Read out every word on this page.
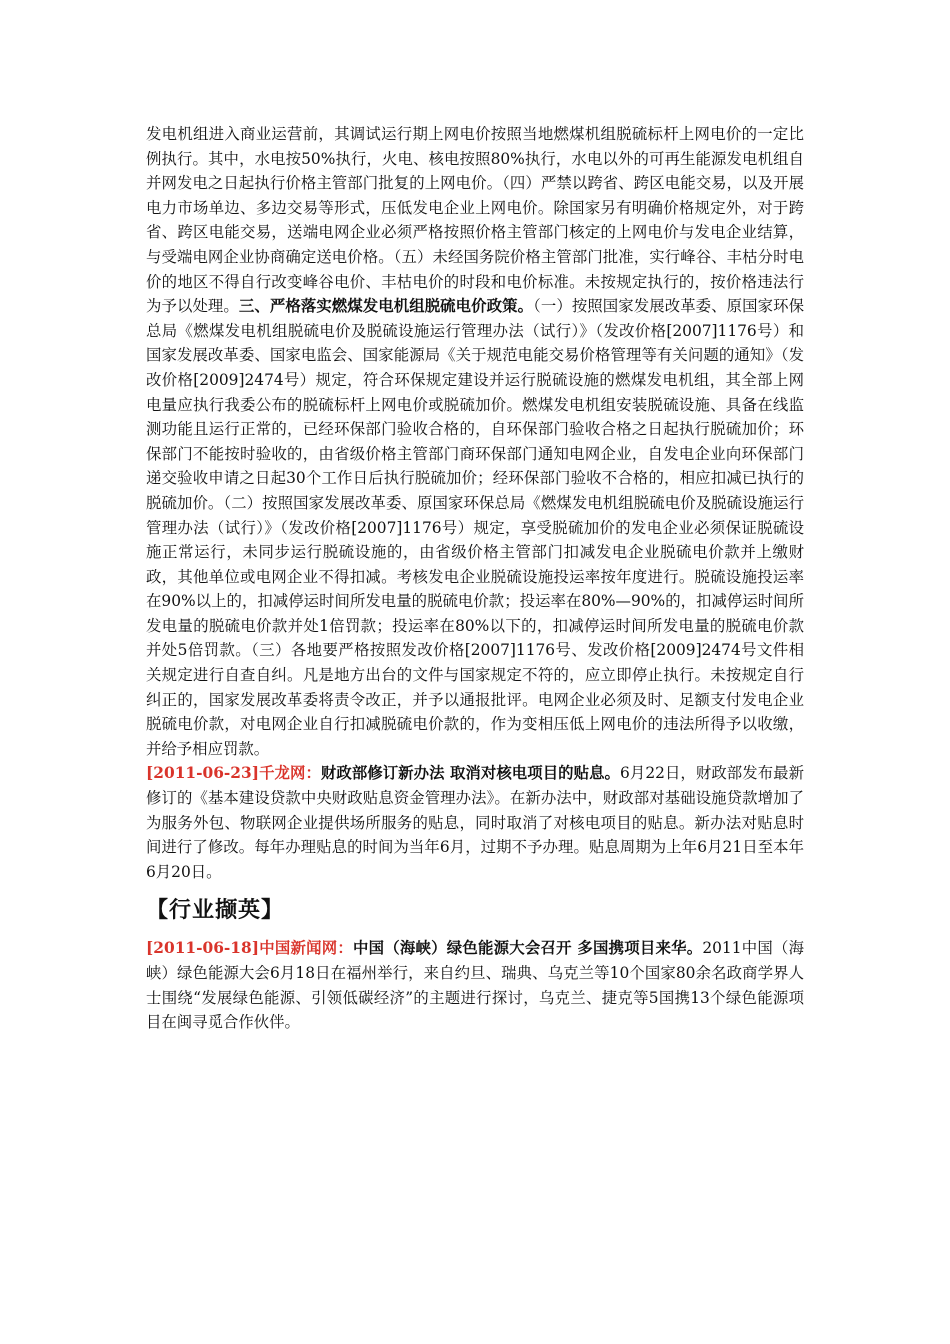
发电机组进入商业运营前，其调试运行期上网电价按照当地燃煤机组脱硫标杆上网电价的一定比例执行。其中，水电按50%执行，火电、核电按照80%执行，水电以外的可再生能源发电机组自并网发电之日起执行价格主管部门批复的上网电价。（四）严禁以跨省、跨区电能交易，以及开展电力市场单边、多边交易等形式，压低发电企业上网电价。除国家另有明确价格规定外，对于跨省、跨区电能交易，送端电网企业必须严格按照价格主管部门核定的上网电价与发电企业结算，与受端电网企业协商确定送电价格。（五）未经国务院价格主管部门批准，实行峰谷、丰枯分时电价的地区不得自行改变峰谷电价、丰枯电价的时段和电价标准。未按规定执行的，按价格违法行为予以处理。三、严格落实燃煤发电机组脱硫电价政策。（一）按照国家发展改革委、原国家环保总局《燃煤发电机组脱硫电价及脱硫设施运行管理办法（试行）》（发改价格[2007]1176号）和国家发展改革委、国家电监会、国家能源局《关于规范电能交易价格管理等有关问题的通知》（发改价格[2009]2474号）规定，符合环保规定建设并运行脱硫设施的燃煤发电机组，其全部上网电量应执行我委公布的脱硫标杆上网电价或脱硫加价。燃煤发电机组安装脱硫设施、具备在线监测功能且运行正常的，已经环保部门验收合格的，自环保部门验收合格之日起执行脱硫加价；环保部门不能按时验收的，由省级价格主管部门商环保部门通知电网企业，自发电企业向环保部门递交验收申请之日起30个工作日后执行脱硫加价；经环保部门验收不合格的，相应扣减已执行的脱硫加价。（二）按照国家发展改革委、原国家环保总局《燃煤发电机组脱硫电价及脱硫设施运行管理办法（试行）》（发改价格[2007]1176号）规定，享受脱硫加价的发电企业必须保证脱硫设施正常运行，未同步运行脱硫设施的，由省级价格主管部门扣减发电企业脱硫电价款并上缴财政，其他单位或电网企业不得扣减。考核发电企业脱硫设施投运率按年度进行。脱硫设施投运率在90%以上的，扣减停运时间所发电量的脱硫电价款；投运率在80%—90%的，扣减停运时间所发电量的脱硫电价款并处1倍罚款；投运率在80%以下的，扣减停运时间所发电量的脱硫电价款并处5倍罚款。（三）各地要严格按照发改价格[2007]1176号、发改价格[2009]2474号文件相关规定进行自查自纠。凡是地方出台的文件与国家规定不符的，应立即停止执行。未按规定自行纠正的，国家发展改革委将责令改正，并予以通报批评。电网企业必须及时、足额支付发电企业脱硫电价款，对电网企业自行扣减脱硫电价款的，作为变相压低上网电价的违法所得予以收缴，并给予相应罚款。

[2011-06-23]千龙网：财政部修订新办法 取消对核电项目的贴息。6月22日，财政部发布最新修订的《基本建设贷款中央财政贴息资金管理办法》。在新办法中，财政部对基础设施贷款增加了为服务外包、物联网企业提供场所服务的贴息，同时取消了对核电项目的贴息。新办法对贴息时间进行了修改。每年办理贴息的时间为当年6月，过期不予办理。贴息周期为上年6月21日至本年6月20日。

【行业撷英】

[2011-06-18]中国新闻网：中国（海峡）绿色能源大会召开 多国携项目来华。2011中国（海峡）绿色能源大会6月18日在福州举行，来自约旦、瑞典、乌克兰等10个国家80余名政商学界人士围绕“发展绿色能源、引领低碳经济”的主题进行探讨，乌克兰、捷克等5国携13个绿色能源项目在闽寻觅合作伙伴。
